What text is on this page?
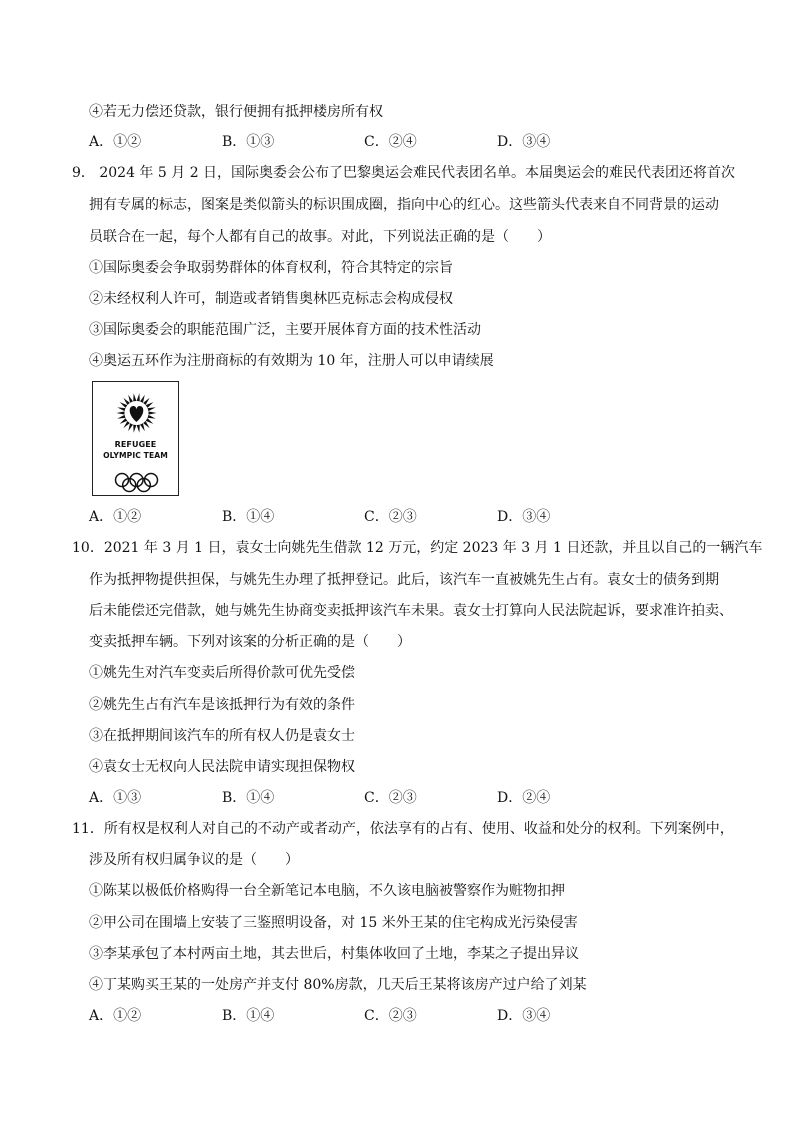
④若无力偿还贷款，银行便拥有抵押楼房所有权
A．①②	B．①③	C．②④	D．③④
9． 2024 年 5 月 2 日，国际奥委会公布了巴黎奥运会难民代表团名单。本届奥运会的难民代表团还将首次
拥有专属的标志，图案是类似箭头的标识围成圈，指向中心的红心。这些箭头代表来自不同背景的运动
员联合在一起，每个人都有自己的故事。对此，下列说法正确的是（　　）
①国际奥委会争取弱势群体的体育权利，符合其特定的宗旨
②未经权利人许可，制造或者销售奥林匹克标志会构成侵权
③国际奥委会的职能范围广泛，主要开展体育方面的技术性活动
④奥运五环作为注册商标的有效期为 10 年，注册人可以申请续展
REFUGEE
OLYMPIC TEAM
A．①②	B．①④	C．②③	D．③④
10．2021 年 3 月 1 日，袁女士向姚先生借款 12 万元，约定 2023 年 3 月 1 日还款，并且以自己的一辆汽车
作为抵押物提供担保，与姚先生办理了抵押登记。此后，该汽车一直被姚先生占有。袁女士的债务到期
后未能偿还完借款，她与姚先生协商变卖抵押该汽车未果。袁女士打算向人民法院起诉，要求准许拍卖、
变卖抵押车辆。下列对该案的分析正确的是（　　）
①姚先生对汽车变卖后所得价款可优先受偿
②姚先生占有汽车是该抵押行为有效的条件
③在抵押期间该汽车的所有权人仍是袁女士
④袁女士无权向人民法院申请实现担保物权
A．①③	B．①④	C．②③	D．②④
11．所有权是权利人对自己的不动产或者动产，依法享有的占有、使用、收益和处分的权利。下列案例中，
涉及所有权归属争议的是（　　）
①陈某以极低价格购得一台全新笔记本电脑，不久该电脑被警察作为赃物扣押
②甲公司在围墙上安装了三鉴照明设备，对 15 米外王某的住宅构成光污染侵害
③李某承包了本村两亩土地，其去世后，村集体收回了土地，李某之子提出异议
④丁某购买王某的一处房产并支付 80%房款，几天后王某将该房产过户给了刘某
A．①②	B．①④	C．②③	D．③④
